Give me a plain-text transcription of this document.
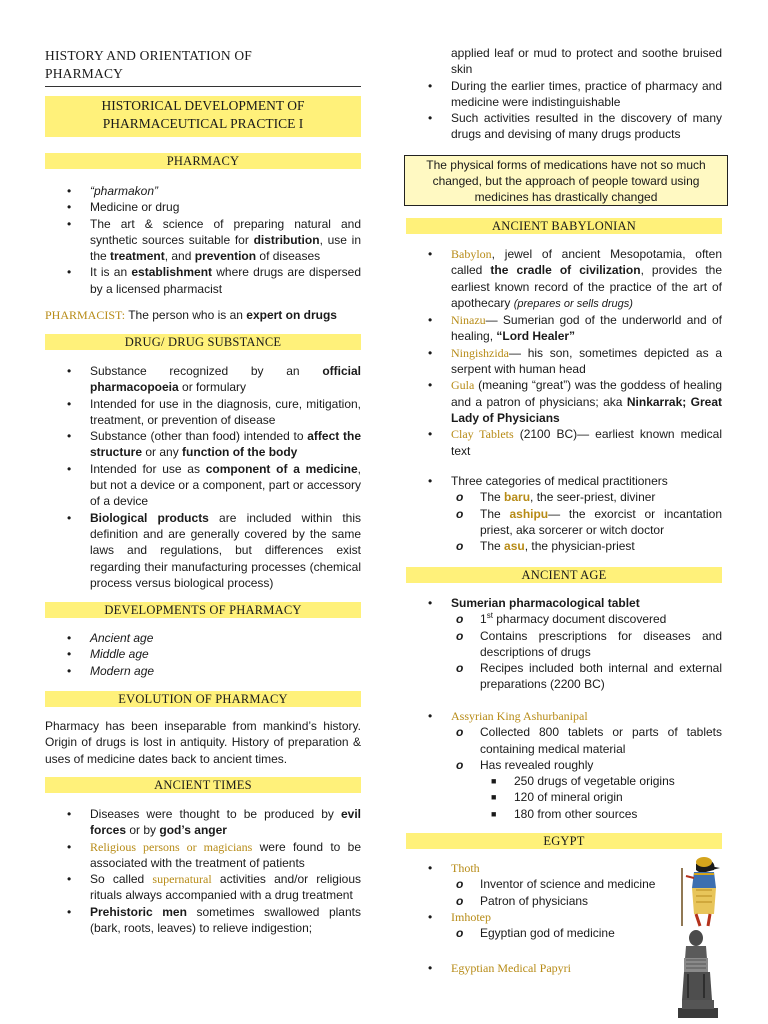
HISTORY AND ORIENTATION OF
PHARMACY
HISTORICAL DEVELOPMENT OF
PHARMACEUTICAL PRACTICE I
PHARMACY
• “pharmakon”
• Medicine or drug
• The art & science of preparing natural and synthetic sources suitable for distribution, use in the treatment, and prevention of diseases
• It is an establishment where drugs are dispersed by a licensed pharmacist
PHARMACIST: The person who is an expert on drugs
DRUG/ DRUG SUBSTANCE
• Substance recognized by an official pharmacopoeia or formulary
• Intended for use in the diagnosis, cure, mitigation, treatment, or prevention of disease
• Substance (other than food) intended to affect the structure or any function of the body
• Intended for use as component of a medicine, but not a device or a component, part or accessory of a device
• Biological products are included within this definition and are generally covered by the same laws and regulations, but differences exist regarding their manufacturing processes (chemical process versus biological process)
DEVELOPMENTS OF PHARMACY
• Ancient age
• Middle age
• Modern age
EVOLUTION OF PHARMACY
Pharmacy has been inseparable from mankind’s history. Origin of drugs is lost in antiquity. History of preparation & uses of medicine dates back to ancient times.
ANCIENT TIMES
• Diseases were thought to be produced by evil forces or by god’s anger
• Religious persons or magicians were found to be associated with the treatment of patients
• So called supernatural activities and/or religious rituals always accompanied with a drug treatment
• Prehistoric men sometimes swallowed plants (bark, roots, leaves) to relieve indigestion;
applied leaf or mud to protect and soothe bruised skin
• During the earlier times, practice of pharmacy and medicine were indistinguishable
• Such activities resulted in the discovery of many drugs and devising of many drugs products
The physical forms of medications have not so much changed, but the approach of people toward using medicines has drastically changed
ANCIENT BABYLONIAN
• Babylon, jewel of ancient Mesopotamia, often called the cradle of civilization, provides the earliest known record of the practice of the art of apothecary (prepares or sells drugs)
• Ninazu— Sumerian god of the underworld and of healing, “Lord Healer”
• Ningishzida— his son, sometimes depicted as a serpent with human head
• Gula (meaning “great”) was the goddess of healing and a patron of physicians; aka Ninkarrak; Great Lady of Physicians
• Clay Tablets (2100 BC)— earliest known medical text
• Three categories of medical practitioners
o The baru, the seer-priest, diviner
o The ashipu— the exorcist or incantation priest, aka sorcerer or witch doctor
o The asu, the physician-priest
ANCIENT AGE
• Sumerian pharmacological tablet
o 1st pharmacy document discovered
o Contains prescriptions for diseases and descriptions of drugs
o Recipes included both internal and external preparations (2200 BC)
• Assyrian King Ashurbanipal
o Collected 800 tablets or parts of tablets containing medical material
o Has revealed roughly
■ 250 drugs of vegetable origins
■ 120 of mineral origin
■ 180 from other sources
EGYPT
• Thoth
o Inventor of science and medicine
o Patron of physicians
• Imhotep
o Egyptian god of medicine
• Egyptian Medical Papyri
